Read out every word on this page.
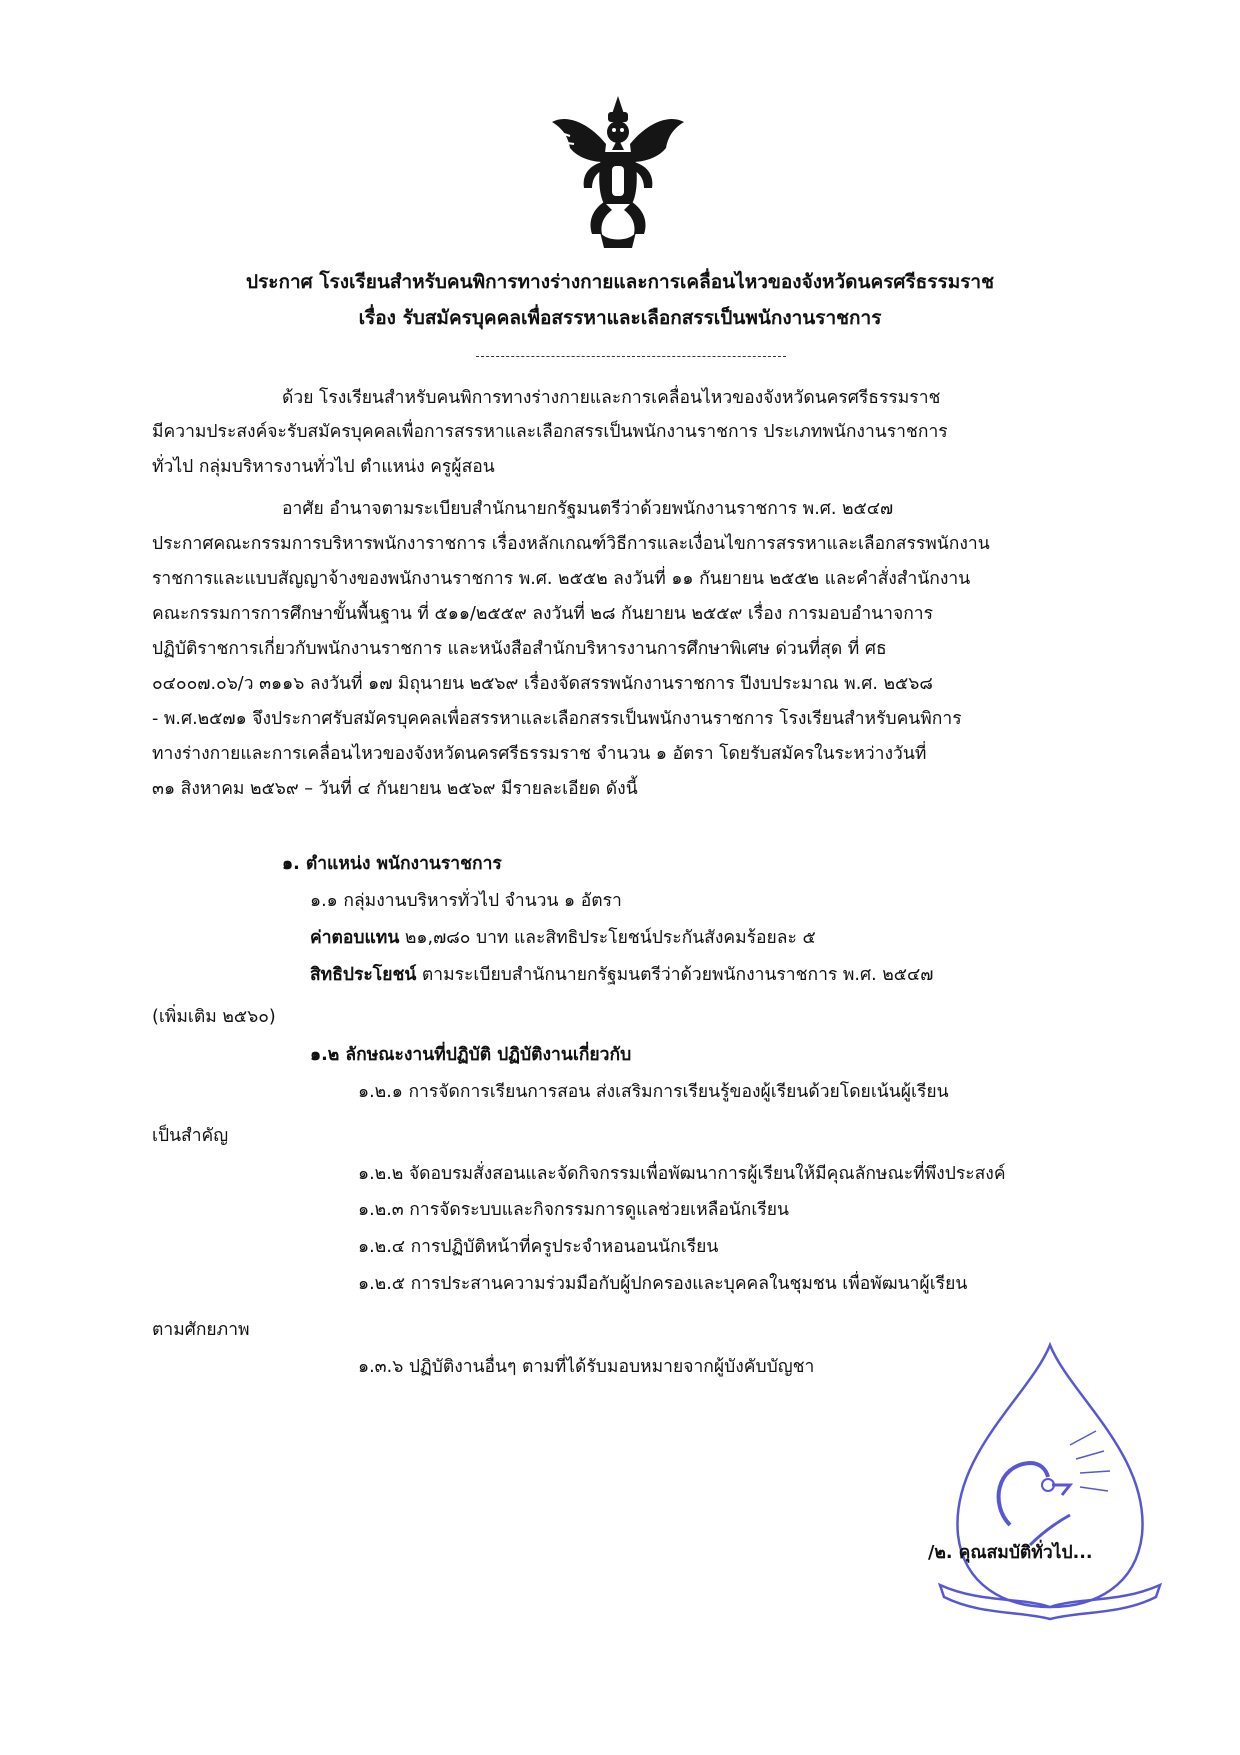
ประกาศ โรงเรียนสำหรับคนพิการทางร่างกายและการเคลื่อนไหวของจังหวัดนครศรีธรรมราช
เรื่อง รับสมัครบุคคลเพื่อสรรหาและเลือกสรรเป็นพนักงานราชการ
ด้วย โรงเรียนสำหรับคนพิการทางร่างกายและการเคลื่อนไหวของจังหวัดนครศรีธรรมราช
มีความประสงค์จะรับสมัครบุคคลเพื่อการสรรหาและเลือกสรรเป็นพนักงานราชการ ประเภทพนักงานราชการ
ทั่วไป กลุ่มบริหารงานทั่วไป ตำแหน่ง ครูผู้สอน
อาศัย อำนาจตามระเบียบสำนักนายกรัฐมนตรีว่าด้วยพนักงานราชการ พ.ศ. ๒๕๔๗
ประกาศคณะกรรมการบริหารพนักงาราชการ เรื่องหลักเกณฑ์วิธีการและเงื่อนไขการสรรหาและเลือกสรรพนักงาน
ราชการและแบบสัญญาจ้างของพนักงานราชการ พ.ศ. ๒๕๕๒ ลงวันที่ ๑๑ กันยายน ๒๕๕๒ และคำสั่งสำนักงาน
คณะกรรมการการศึกษาขั้นพื้นฐาน ที่ ๕๑๑/๒๕๕๙ ลงวันที่ ๒๘ กันยายน ๒๕๕๙ เรื่อง การมอบอำนาจการ
ปฏิบัติราชการเกี่ยวกับพนักงานราชการ และหนังสือสำนักบริหารงานการศึกษาพิเศษ ด่วนที่สุด ที่ ศธ
๐๔๐๐๗.๐๖/ว ๓๑๑๖ ลงวันที่ ๑๗ มิถุนายน ๒๕๖๙ เรื่องจัดสรรพนักงานราชการ ปีงบประมาณ พ.ศ. ๒๕๖๘
- พ.ศ.๒๕๗๑ จึงประกาศรับสมัครบุคคลเพื่อสรรหาและเลือกสรรเป็นพนักงานราชการ โรงเรียนสำหรับคนพิการ
ทางร่างกายและการเคลื่อนไหวของจังหวัดนครศรีธรรมราช จำนวน ๑ อัตรา โดยรับสมัครในระหว่างวันที่
๓๑ สิงหาคม ๒๕๖๙ – วันที่ ๔ กันยายน ๒๕๖๙ มีรายละเอียด ดังนี้
๑. ตำแหน่ง พนักงานราชการ
๑.๑ กลุ่มงานบริหารทั่วไป จำนวน ๑ อัตรา
ค่าตอบแทน ๒๑,๗๘๐ บาท และสิทธิประโยชน์ประกันสังคมร้อยละ ๕
สิทธิประโยชน์ ตามระเบียบสำนักนายกรัฐมนตรีว่าด้วยพนักงานราชการ พ.ศ. ๒๕๔๗
(เพิ่มเติม ๒๕๖๐)
๑.๒ ลักษณะงานที่ปฏิบัติ ปฏิบัติงานเกี่ยวกับ
๑.๒.๑ การจัดการเรียนการสอน ส่งเสริมการเรียนรู้ของผู้เรียนด้วยโดยเน้นผู้เรียน
เป็นสำคัญ
๑.๒.๒ จัดอบรมสั่งสอนและจัดกิจกรรมเพื่อพัฒนาการผู้เรียนให้มีคุณลักษณะที่พึงประสงค์
๑.๒.๓ การจัดระบบและกิจกรรมการดูแลช่วยเหลือนักเรียน
๑.๒.๔ การปฏิบัติหน้าที่ครูประจำหอนอนนักเรียน
๑.๒.๕ การประสานความร่วมมือกับผู้ปกครองและบุคคลในชุมชน เพื่อพัฒนาผู้เรียน
ตามศักยภาพ
๑.๓.๖ ปฏิบัติงานอื่นๆ ตามที่ได้รับมอบหมายจากผู้บังคับบัญชา
/๒. คุณสมบัติทั่วไป...
